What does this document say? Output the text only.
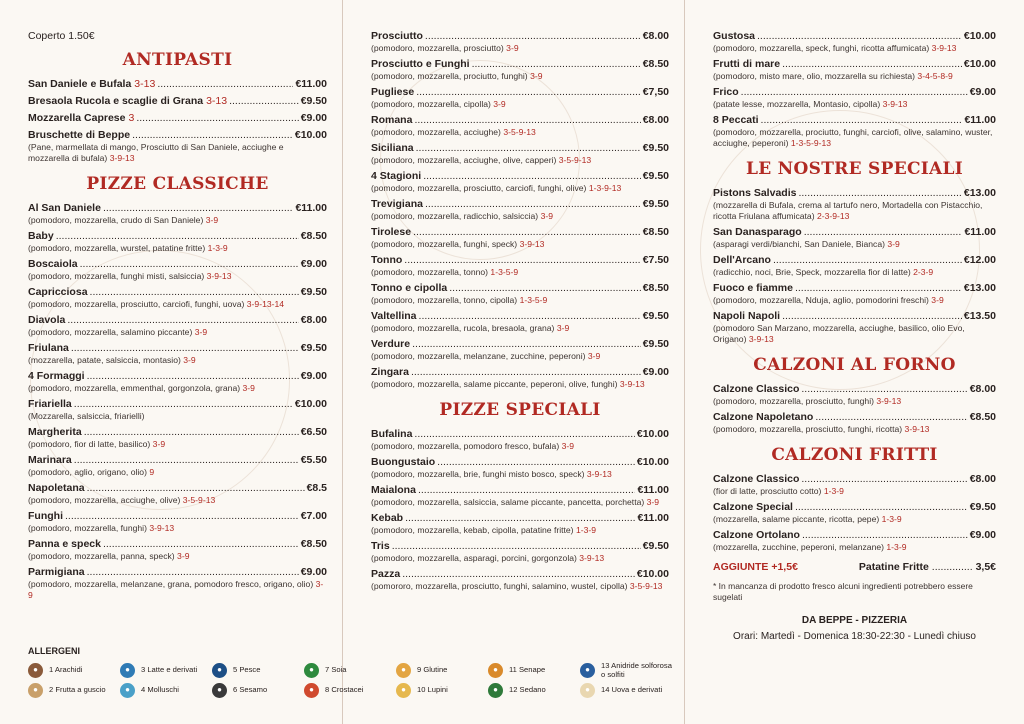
Coperto 1.50€
ANTIPASTI
San Daniele e Bufala 3-13 .....	€11.00
Bresaola Rucola e scaglie di Grana 3-13 .....	€9.50
Mozzarella Caprese 3 .....	€9.00
Bruschette di Beppe .....	€10.00
(Pane, marmellata di mango, Prosciutto di San Daniele, acciughe e mozzarella di bufala) 3-9-13
PIZZE CLASSICHE
Al San Daniele .....	€11.00
(pomodoro, mozzarella, crudo di San Daniele) 3-9
Baby .....	€8.50
(pomodoro, mozzarella, wurstel, patatine fritte) 1-3-9
Boscaiola .....	€9.00
(pomodoro, mozzarella, funghi misti, salsiccia) 3-9-13
Capricciosa .....	€9.50
(pomodoro, mozzarella, prosciutto, carciofi, funghi, uova) 3-9-13-14
Diavola .....	€8.00
(pomodoro, mozzarella, salamino piccante) 3-9
Friulana .....	€9.50
(mozzarella, patate, salsiccia, montasio) 3-9
4 Formaggi .....	€9.00
(pomodoro, mozzarella, emmenthal, gorgonzola, grana) 3-9
Friariella .....	€10.00
(Mozzarella, salsiccia, friarielli)
Margherita .....	€6.50
(pomodoro, fior di latte, basilico) 3-9
Marinara .....	€5.50
(pomodoro, aglio, origano, olio) 9
Napoletana .....	€8.5
(pomodoro, mozzarella, acciughe, olive) 3-5-9-13
Funghi .....	€7.00
(pomodoro, mozzarella, funghi) 3-9-13
Panna e speck .....	€8.50
(pomodoro, mozzarella, panna, speck) 3-9
Parmigiana .....	€9.00
(pomodoro, mozzarella, melanzane, grana, pomodoro fresco, origano, olio) 3-9
Prosciutto .....	€8.00
(pomodoro, mozzarella, prosciutto) 3-9
Prosciutto e Funghi .....	€8.50
(pomodoro, mozzarella, prociutto, funghi) 3-9
Pugliese .....	€7,50
(pomodoro, mozzarella, cipolla) 3-9
Romana .....	€8.00
(pomodoro, mozzarella, acciughe) 3-5-9-13
Siciliana .....	€9.50
(pomodoro, mozzarella, acciughe, olive, capperi) 3-5-9-13
4 Stagioni .....	€9.50
(pomodoro, mozzarella, prosciutto, carciofi, funghi, olive) 1-3-9-13
Trevigiana .....	€9.50
(pomodoro, mozzarella, radicchio, salsiccia) 3-9
Tirolese .....	€8.50
(pomodoro, mozzarella, funghi, speck) 3-9-13
Tonno .....	€7.50
(pomodoro, mozzarella, tonno) 1-3-5-9
Tonno e cipolla .....	€8.50
(pomodoro, mozzarella, tonno, cipolla) 1-3-5-9
Valtellina .....	€9.50
(pomodoro, mozzarella, rucola, bresaola, grana) 3-9
Verdure .....	€9.50
(pomodoro, mozzarella, melanzane, zucchine, peperoni) 3-9
Zingara .....	€9.00
(pomodoro, mozzarella, salame piccante, peperoni, olive, funghi) 3-9-13
PIZZE SPECIALI
Bufalina .....	€10.00
(pomodoro, mozzarella, pomodoro fresco, bufala) 3-9
Buongustaio .....	€10.00
(pomodoro, mozzarella, brie, funghi misto bosco, speck) 3-9-13
Maialona .....	€11.00
(pomodoro, mozzarella, salsiccia, salame piccante, pancetta, porchetta) 3-9
Kebab .....	€11.00
(pomodoro, mozzarella, kebab, cipolla, patatine fritte) 1-3-9
Tris .....	€9.50
(pomodoro, mozzarella, asparagi, porcini, gorgonzola) 3-9-13
Pazza .....	€10.00
(pomororo, mozzarella, prosciutto, funghi, salamino, wustel, cipolla) 3-5-9-13
Gustosa .....	€10.00
(pomodoro, mozzarella, speck, funghi, ricotta affumicata) 3-9-13
Frutti di mare .....	€10.00
(pomodoro, misto mare, olio, mozzarella su richiesta) 3-4-5-8-9
Frico .....	€9.00
(patate lesse, mozzarella, Montasio, cipolla) 3-9-13
8 Peccati .....	€11.00
(pomodoro, mozzarella, prociutto, funghi, carciofi, olive, salamino, wuster, acciughe, peperoni) 1-3-5-9-13
LE NOSTRE SPECIALI
Pistons Salvadis .....	€13.00
(mozzarella di Bufala, crema al tartufo nero, Mortadella con Pistacchio, ricotta Friulana affumicata) 2-3-9-13
San Danasparago .....	€11.00
(asparagi verdi/bianchi, San Daniele, Bianca) 3-9
Dell'Arcano .....	€12.00
(radicchio, noci, Brie, Speck, mozzarella fior di latte) 2-3-9
Fuoco e fiamme .....	€13.00
(pomodoro, mozzarella, Nduja, aglio, pomodorini freschi) 3-9
Napoli Napoli .....	€13.50
(pomodoro San Marzano, mozzarella, acciughe, basilico, olio Evo, Origano) 3-9-13
CALZONI AL FORNO
Calzone Classico .....	€8.00
(pomodoro, mozzarella, prosciutto, funghi) 3-9-13
Calzone Napoletano .....	€8.50
(pomodoro, mozzarella, prosciutto, funghi, ricotta) 3-9-13
CALZONI FRITTI
Calzone Classico .....	€8.00
(fior di latte, prosciutto cotto) 1-3-9
Calzone Special .....	€9.50
(mozzarella, salame piccante, ricotta, pepe) 1-3-9
Calzone Ortolano .....	€9.00
(mozzarella, zucchine, peperoni, melanzane) 1-3-9
AGGIUNTE +1,5€	Patatine Fritte .............. 3,5€
* In mancanza di prodotto fresco alcuni ingredienti potrebbero essere sugelati
DA BEPPE - PIZZERIA
Orari: Martedì - Domenica 18:30-22:30 - Lunedì chiuso
ALLERGENI
●	1 Arachidi	●	3 Latte e derivati	●	5 Pesce	●	7 Soia	●	9 Glutine	●	11 Senape	●	13 Anidride solforosa o solfiti
●	2 Frutta a guscio	●	4 Molluschi	●	6 Sesamo	●	8 Crostacei	●	10 Lupini	●	12 Sedano	●	14 Uova e derivati
